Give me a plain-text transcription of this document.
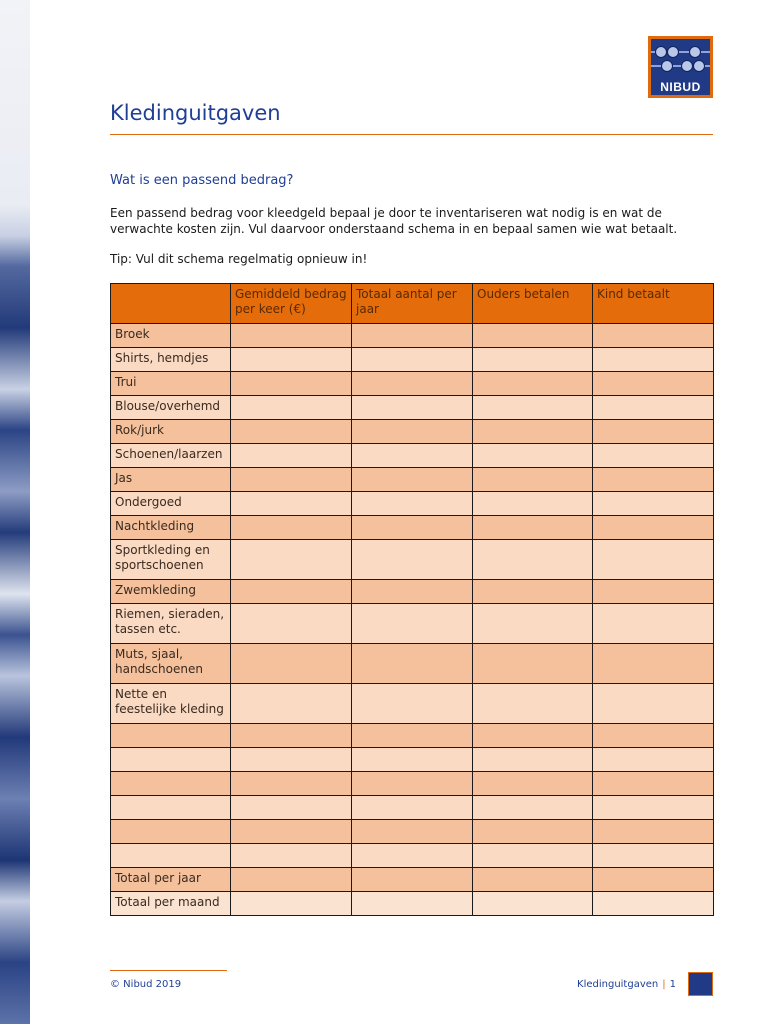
NIBUD
Kledinguitgaven
Wat is een passend bedrag?

Een passend bedrag voor kleedgeld bepaal je door te inventariseren wat nodig is en wat de verwachte kosten zijn. Vul daarvoor onderstaand schema in en bepaal samen wie wat betaalt.

Tip: Vul dit schema regelmatig opnieuw in!

	Gemiddeld bedrag per keer (€)	Totaal aantal per jaar	Ouders betalen	Kind betaalt
Broek				
Shirts, hemdjes				
Trui				
Blouse/overhemd				
Rok/jurk				
Schoenen/laarzen				
Jas				
Ondergoed				
Nachtkleding				
Sportkleding en sportschoenen				
Zwemkleding				
Riemen, sieraden, tassen etc.				
Muts, sjaal, handschoenen				
Nette en feestelijke kleding				

Totaal per jaar				
Totaal per maand				
© Nibud 2019	Kledinguitgaven | 1
